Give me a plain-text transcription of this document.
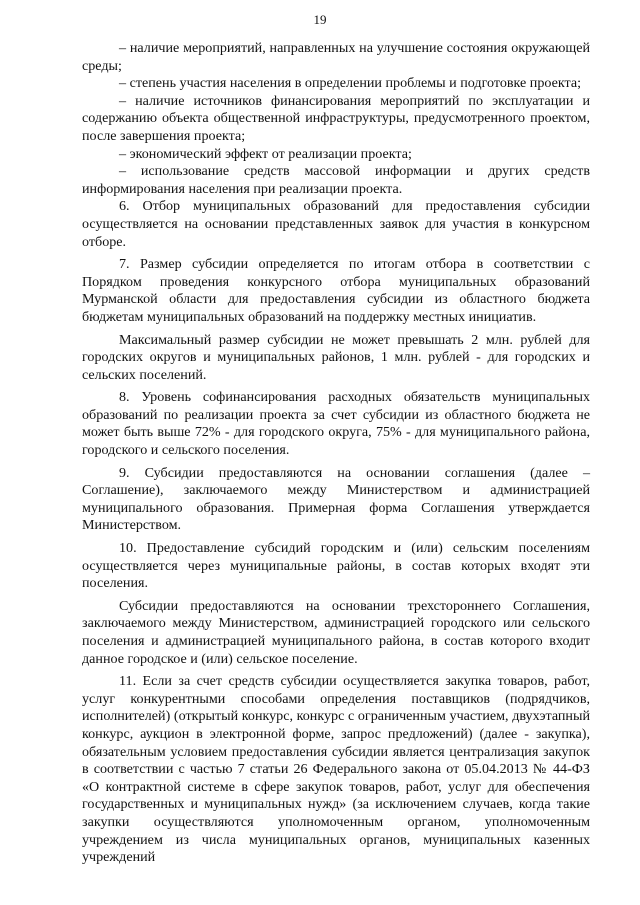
19

– наличие мероприятий, направленных на улучшение состояния окружающей среды;

– степень участия населения в определении проблемы и подготовке проекта;

– наличие источников финансирования мероприятий по эксплуатации и содержанию объекта общественной инфраструктуры, предусмотренного проектом, после завершения проекта;

– экономический эффект от реализации проекта;

– использование средств массовой информации и других средств информирования населения при реализации проекта.

6. Отбор муниципальных образований для предоставления субсидии осуществляется на основании представленных заявок для участия в конкурсном отборе.

7. Размер субсидии определяется по итогам отбора в соответствии с Порядком проведения конкурсного отбора муниципальных образований Мурманской области для предоставления субсидии из областного бюджета бюджетам муниципальных образований на поддержку местных инициатив.

Максимальный размер субсидии не может превышать 2 млн. рублей для городских округов и муниципальных районов, 1 млн. рублей - для городских и сельских поселений.

8. Уровень софинансирования расходных обязательств муниципальных образований по реализации проекта за счет субсидии из областного бюджета не может быть выше 72% - для городского округа, 75% - для муниципального района, городского и сельского поселения.

9. Субсидии предоставляются на основании соглашения (далее – Соглашение), заключаемого между Министерством и администрацией муниципального образования. Примерная форма Соглашения утверждается Министерством.

10. Предоставление субсидий городским и (или) сельским поселениям осуществляется через муниципальные районы, в состав которых входят эти поселения.

Субсидии предоставляются на основании трехстороннего Соглашения, заключаемого между Министерством, администрацией городского или сельского поселения и администрацией муниципального района, в состав которого входит данное городское и (или) сельское поселение.

11. Если за счет средств субсидии осуществляется закупка товаров, работ, услуг конкурентными способами определения поставщиков (подрядчиков, исполнителей) (открытый конкурс, конкурс с ограниченным участием, двухэтапный конкурс, аукцион в электронной форме, запрос предложений) (далее - закупка), обязательным условием предоставления субсидии является централизация закупок в соответствии с частью 7 статьи 26 Федерального закона от 05.04.2013 № 44-ФЗ «О контрактной системе в сфере закупок товаров, работ, услуг для обеспечения государственных и муниципальных нужд» (за исключением случаев, когда такие закупки осуществляются уполномоченным органом, уполномоченным учреждением из числа муниципальных органов, муниципальных казенных учреждений
